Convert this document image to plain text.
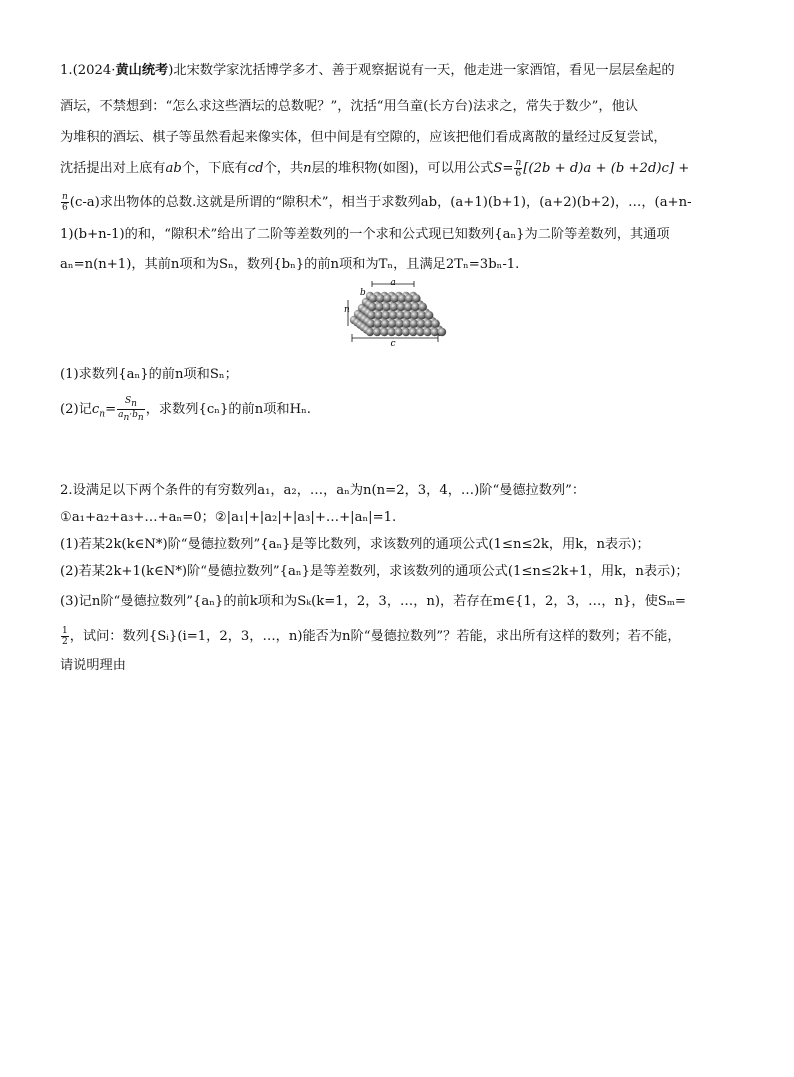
1.(2024·黄山统考)北宋数学家沈括博学多才、善于观察据说有一天，他走进一家酒馆，看见一层层垒起的
酒坛，不禁想到：“怎么求这些酒坛的总数呢？”，沈括“用刍童(长方台)法求之，常失于数少”，他认
为堆积的酒坛、棋子等虽然看起来像实体，但中间是有空隙的，应该把他们看成离散的量经过反复尝试，
沈括提出对上底有ab个，下底有cd个，共n层的堆积物(如图)，可以用公式$S= \frac{n}{6} [(2b + d)a + (b +2d)c]$ +
$\frac{n}{6} (c-a)$求出物体的总数.这就是所谓的“隙积术”，相当于求数列ab，(a+1)(b+1)，(a+2)(b+2)，…，(a+n-
1)(b+n-1)的和，“隙积术”给出了二阶等差数列的一个求和公式现已知数列{aₙ}为二阶等差数列，其通项
aₙ=n(n+1)，其前n项和为Sₙ，数列{bₙ}的前n项和为Tₙ，且满足2Tₙ=3bₙ-1.
a
b
n
c
(1)求数列{aₙ}的前n项和Sₙ；
(2)记$c_n= \frac{S_n}{a_n\cdot b_n}$ ，求数列{cₙ}的前n项和Hₙ.
2.设满足以下两个条件的有穷数列a₁，a₂，…，aₙ为n(n=2，3，4，…)阶“曼德拉数列”：
①a₁+a₂+a₃+…+aₙ=0；②|a₁|+|a₂|+|a₃|+…+|aₙ|=1.
(1)若某2k(k∈N*)阶“曼德拉数列”{aₙ}是等比数列，求该数列的通项公式(1≤n≤2k，用k，n表示)；
(2)若某2k+1(k∈N*)阶“曼德拉数列”{aₙ}是等差数列，求该数列的通项公式(1≤n≤2k+1，用k，n表示)；
(3)记n阶“曼德拉数列”{aₙ}的前k项和为Sₖ(k=1，2，3，…，n)，若存在m∈{1，2，3，…，n}，使Sₘ=
$\frac{1}{2}$ ，试问：数列{Sᵢ}(i=1，2，3，…，n)能否为n阶“曼德拉数列”？若能，求出所有这样的数列；若不能，
请说明理由
